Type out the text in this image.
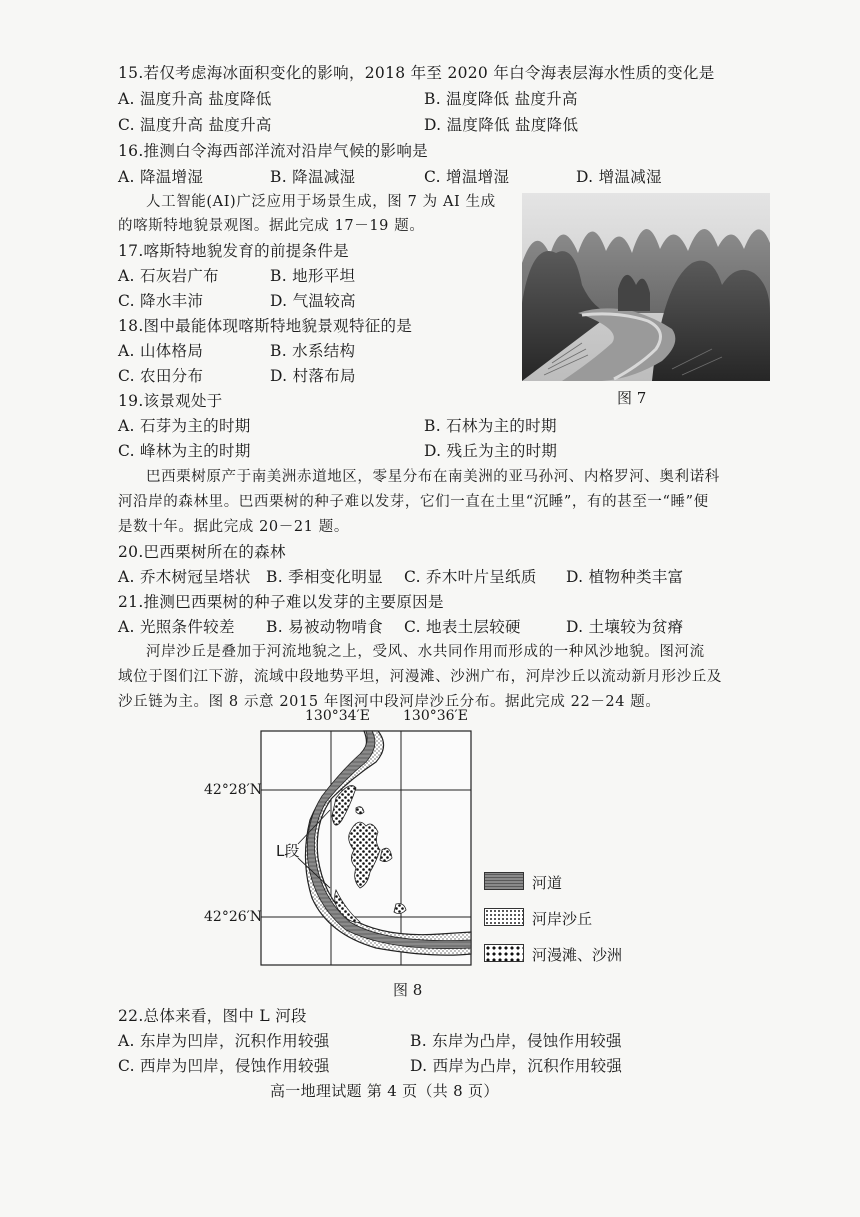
15.若仅考虑海冰面积变化的影响，2018 年至 2020 年白令海表层海水性质的变化是
A. 温度升高 盐度降低	B. 温度降低 盐度升高
C. 温度升高 盐度升高	D. 温度降低 盐度降低
16.推测白令海西部洋流对沿岸气候的影响是
A. 降温增湿	B. 降温减湿	C. 增温增湿	D. 增温减湿
人工智能(AI)广泛应用于场景生成，图 7 为 AI 生成
的喀斯特地貌景观图。据此完成 17－19 题。
17.喀斯特地貌发育的前提条件是
A. 石灰岩广布	B. 地形平坦
C. 降水丰沛	D. 气温较高
18.图中最能体现喀斯特地貌景观特征的是
A. 山体格局	B. 水系结构
C. 农田分布	D. 村落布局
图 7
19.该景观处于
A. 石芽为主的时期	B. 石林为主的时期
C. 峰林为主的时期	D. 残丘为主的时期
巴西栗树原产于南美洲赤道地区，零星分布在南美洲的亚马孙河、内格罗河、奥利诺科
河沿岸的森林里。巴西栗树的种子难以发芽，它们一直在土里“沉睡”，有的甚至一“睡”便
是数十年。据此完成 20－21 题。
20.巴西栗树所在的森林
A. 乔木树冠呈塔状 B. 季相变化明显 C. 乔木叶片呈纸质 D. 植物种类丰富
21.推测巴西栗树的种子难以发芽的主要原因是
A. 光照条件较差 B. 易被动物啃食 C. 地表土层较硬	D. 土壤较为贫瘠
河岸沙丘是叠加于河流地貌之上，受风、水共同作用而形成的一种风沙地貌。图河流
域位于图们江下游，流域中段地势平坦，河漫滩、沙洲广布，河岸沙丘以流动新月形沙丘及
沙丘链为主。图 8 示意 2015 年图河中段河岸沙丘分布。据此完成 22－24 题。
130°34′E 130°36′E
42°28′N
42°26′N
L段
河道
河岸沙丘
河漫滩、沙洲
图 8
22.总体来看，图中 L 河段
A. 东岸为凹岸，沉积作用较强	B. 东岸为凸岸，侵蚀作用较强
C. 西岸为凹岸，侵蚀作用较强	D. 西岸为凸岸，沉积作用较强
高一地理试题 第 4 页（共 8 页）
